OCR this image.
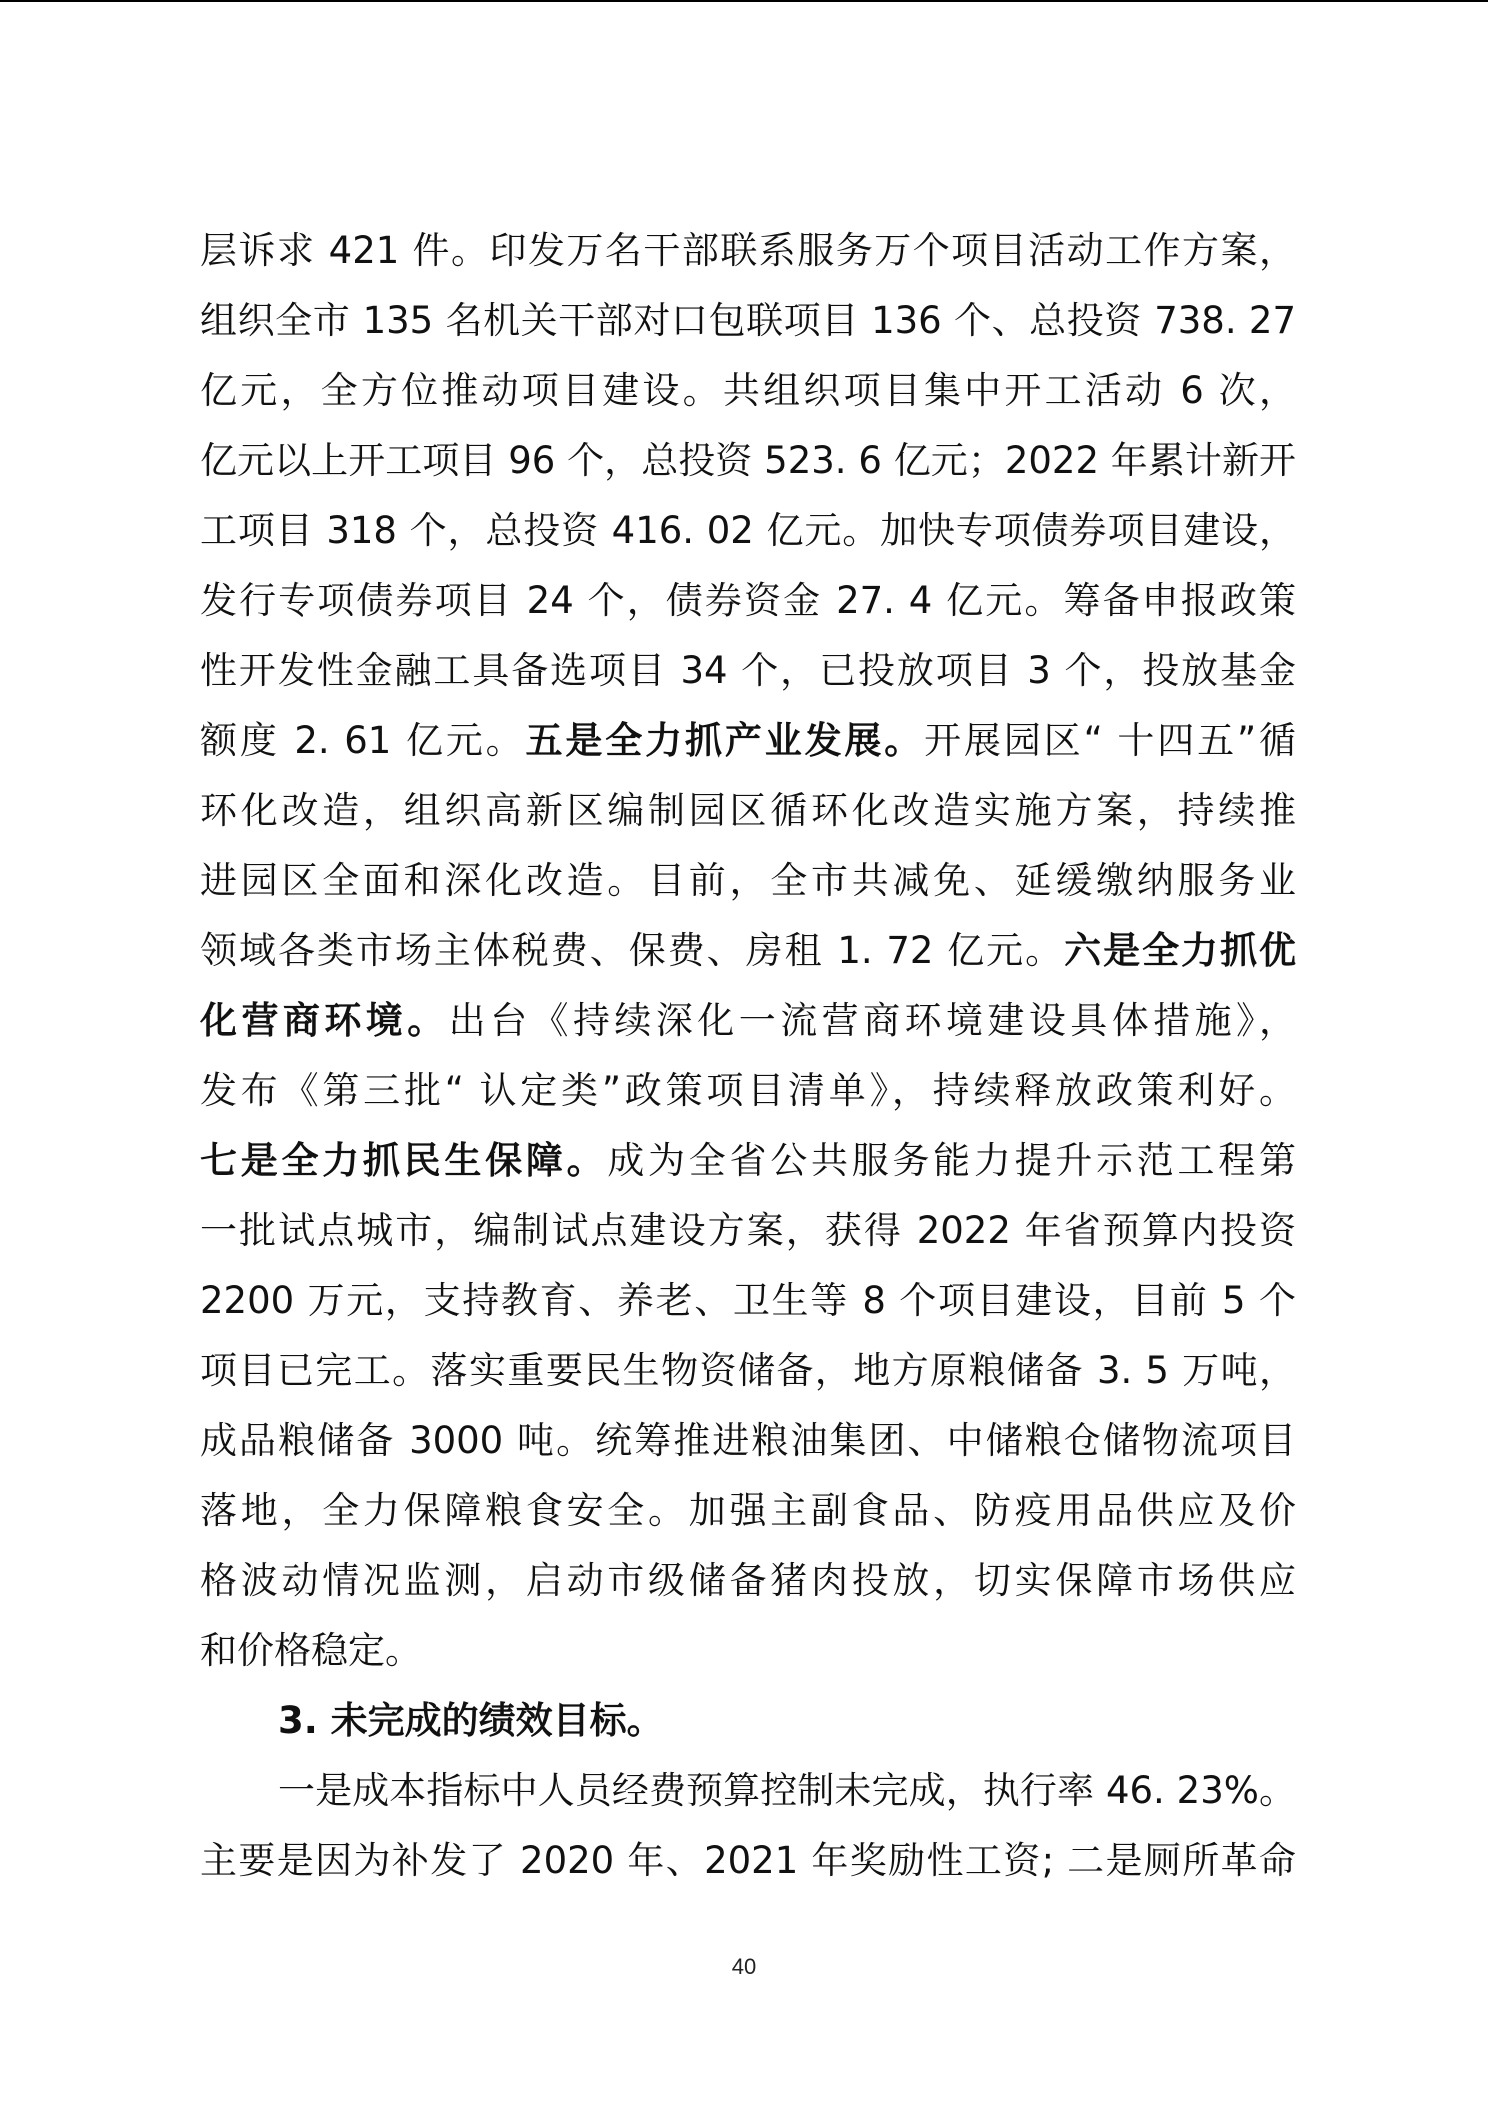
层诉求 421 件。印发万名干部联系服务万个项目活动工作方案，
组织全市 135 名机关干部对口包联项目 136 个、总投资 738. 27
亿元，全方位推动项目建设。共组织项目集中开工活动 6 次，
亿元以上开工项目 96 个，总投资 523. 6 亿元；2022 年累计新开
工项目 318 个，总投资 416. 02 亿元。加快专项债券项目建设，
发行专项债券项目 24 个，债券资金 27. 4 亿元。筹备申报政策
性开发性金融工具备选项目 34 个，已投放项目 3 个，投放基金
额度 2. 61 亿元。五是全力抓产业发展。开展园区“ 十四五”循
环化改造，组织高新区编制园区循环化改造实施方案，持续推
进园区全面和深化改造。目前，全市共减免、延缓缴纳服务业
领域各类市场主体税费、保费、房租 1. 72 亿元。六是全力抓优
化营商环境。出台《持续深化一流营商环境建设具体措施》，
发布《第三批“ 认定类”政策项目清单》，持续释放政策利好。
七是全力抓民生保障。成为全省公共服务能力提升示范工程第
一批试点城市，编制试点建设方案，获得 2022 年省预算内投资
2200 万元，支持教育、养老、卫生等 8 个项目建设，目前 5 个
项目已完工。落实重要民生物资储备，地方原粮储备 3. 5 万吨，
成品粮储备 3000 吨。统筹推进粮油集团、中储粮仓储物流项目
落地，全力保障粮食安全。加强主副食品、防疫用品供应及价
格波动情况监测，启动市级储备猪肉投放，切实保障市场供应
和价格稳定。
3. 未完成的绩效目标。
一是成本指标中人员经费预算控制未完成，执行率 46. 23%。
主要是因为补发了 2020 年、2021 年奖励性工资; 二是厕所革命
40
